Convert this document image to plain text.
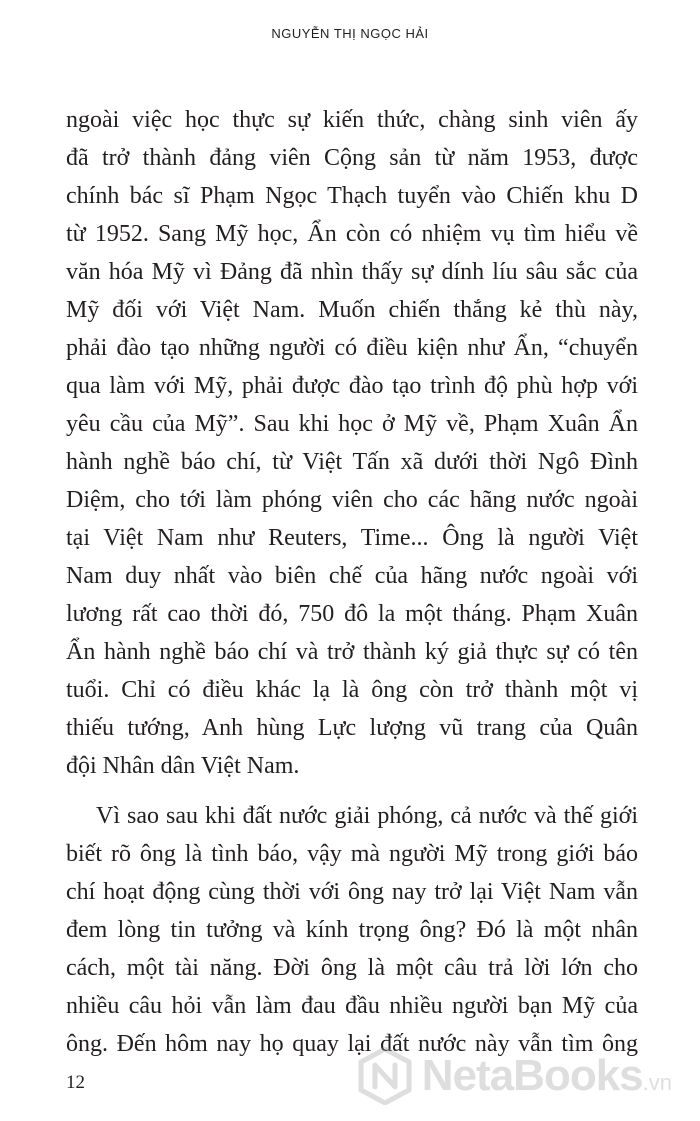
NGUYỄN THỊ NGỌC HẢI
ngoài việc học thực sự kiến thức, chàng sinh viên ấy
đã trở thành đảng viên Cộng sản từ năm 1953, được
chính bác sĩ Phạm Ngọc Thạch tuyển vào Chiến khu D
từ 1952. Sang Mỹ học, Ẩn còn có nhiệm vụ tìm hiểu về
văn hóa Mỹ vì Đảng đã nhìn thấy sự dính líu sâu sắc của
Mỹ đối với Việt Nam. Muốn chiến thắng kẻ thù này,
phải đào tạo những người có điều kiện như Ẩn, “chuyển
qua làm với Mỹ, phải được đào tạo trình độ phù hợp với
yêu cầu của Mỹ”. Sau khi học ở Mỹ về, Phạm Xuân Ẩn
hành nghề báo chí, từ Việt Tấn xã dưới thời Ngô Đình
Diệm, cho tới làm phóng viên cho các hãng nước ngoài
tại Việt Nam như Reuters, Time... Ông là người Việt
Nam duy nhất vào biên chế của hãng nước ngoài với
lương rất cao thời đó, 750 đô la một tháng. Phạm Xuân
Ẩn hành nghề báo chí và trở thành ký giả thực sự có tên
tuổi. Chỉ có điều khác lạ là ông còn trở thành một vị
thiếu tướng, Anh hùng Lực lượng vũ trang của Quân
đội Nhân dân Việt Nam.
Vì sao sau khi đất nước giải phóng, cả nước và thế giới
biết rõ ông là tình báo, vậy mà người Mỹ trong giới báo
chí hoạt động cùng thời với ông nay trở lại Việt Nam vẫn
đem lòng tin tưởng và kính trọng ông? Đó là một nhân
cách, một tài năng. Đời ông là một câu trả lời lớn cho
nhiều câu hỏi vẫn làm đau đầu nhiều người bạn Mỹ của
ông. Đến hôm nay họ quay lại đất nước này vẫn tìm ông
12	NetaBooks.vn
